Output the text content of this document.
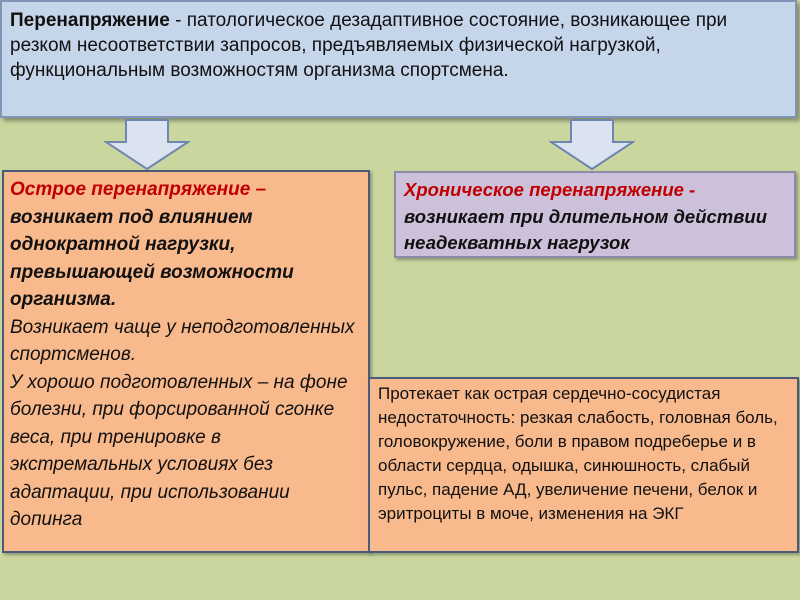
Перенапряжение - патологическое дезадаптивное состояние, возникающее при резком несоответствии запросов, предъявляемых физической нагрузкой, функциональным возможностям организма спортсмена.
Острое перенапряжение – возникает под влиянием однократной нагрузки, превышающей возможности организма.
Возникает чаще у неподготовленных спортсменов.
У хорошо подготовленных – на фоне болезни, при форсированной сгонке веса, при тренировке в экстремальных условиях без адаптации, при использовании допинга
Хроническое перенапряжение - возникает при длительном действии неадекватных нагрузок
Протекает как острая сердечно-сосудистая недостаточность: резкая слабость, головная боль, головокружение, боли в правом подреберье и в области сердца, одышка, синюшность, слабый пульс, падение АД, увеличение печени, белок и эритроциты в моче, изменения на ЭКГ
